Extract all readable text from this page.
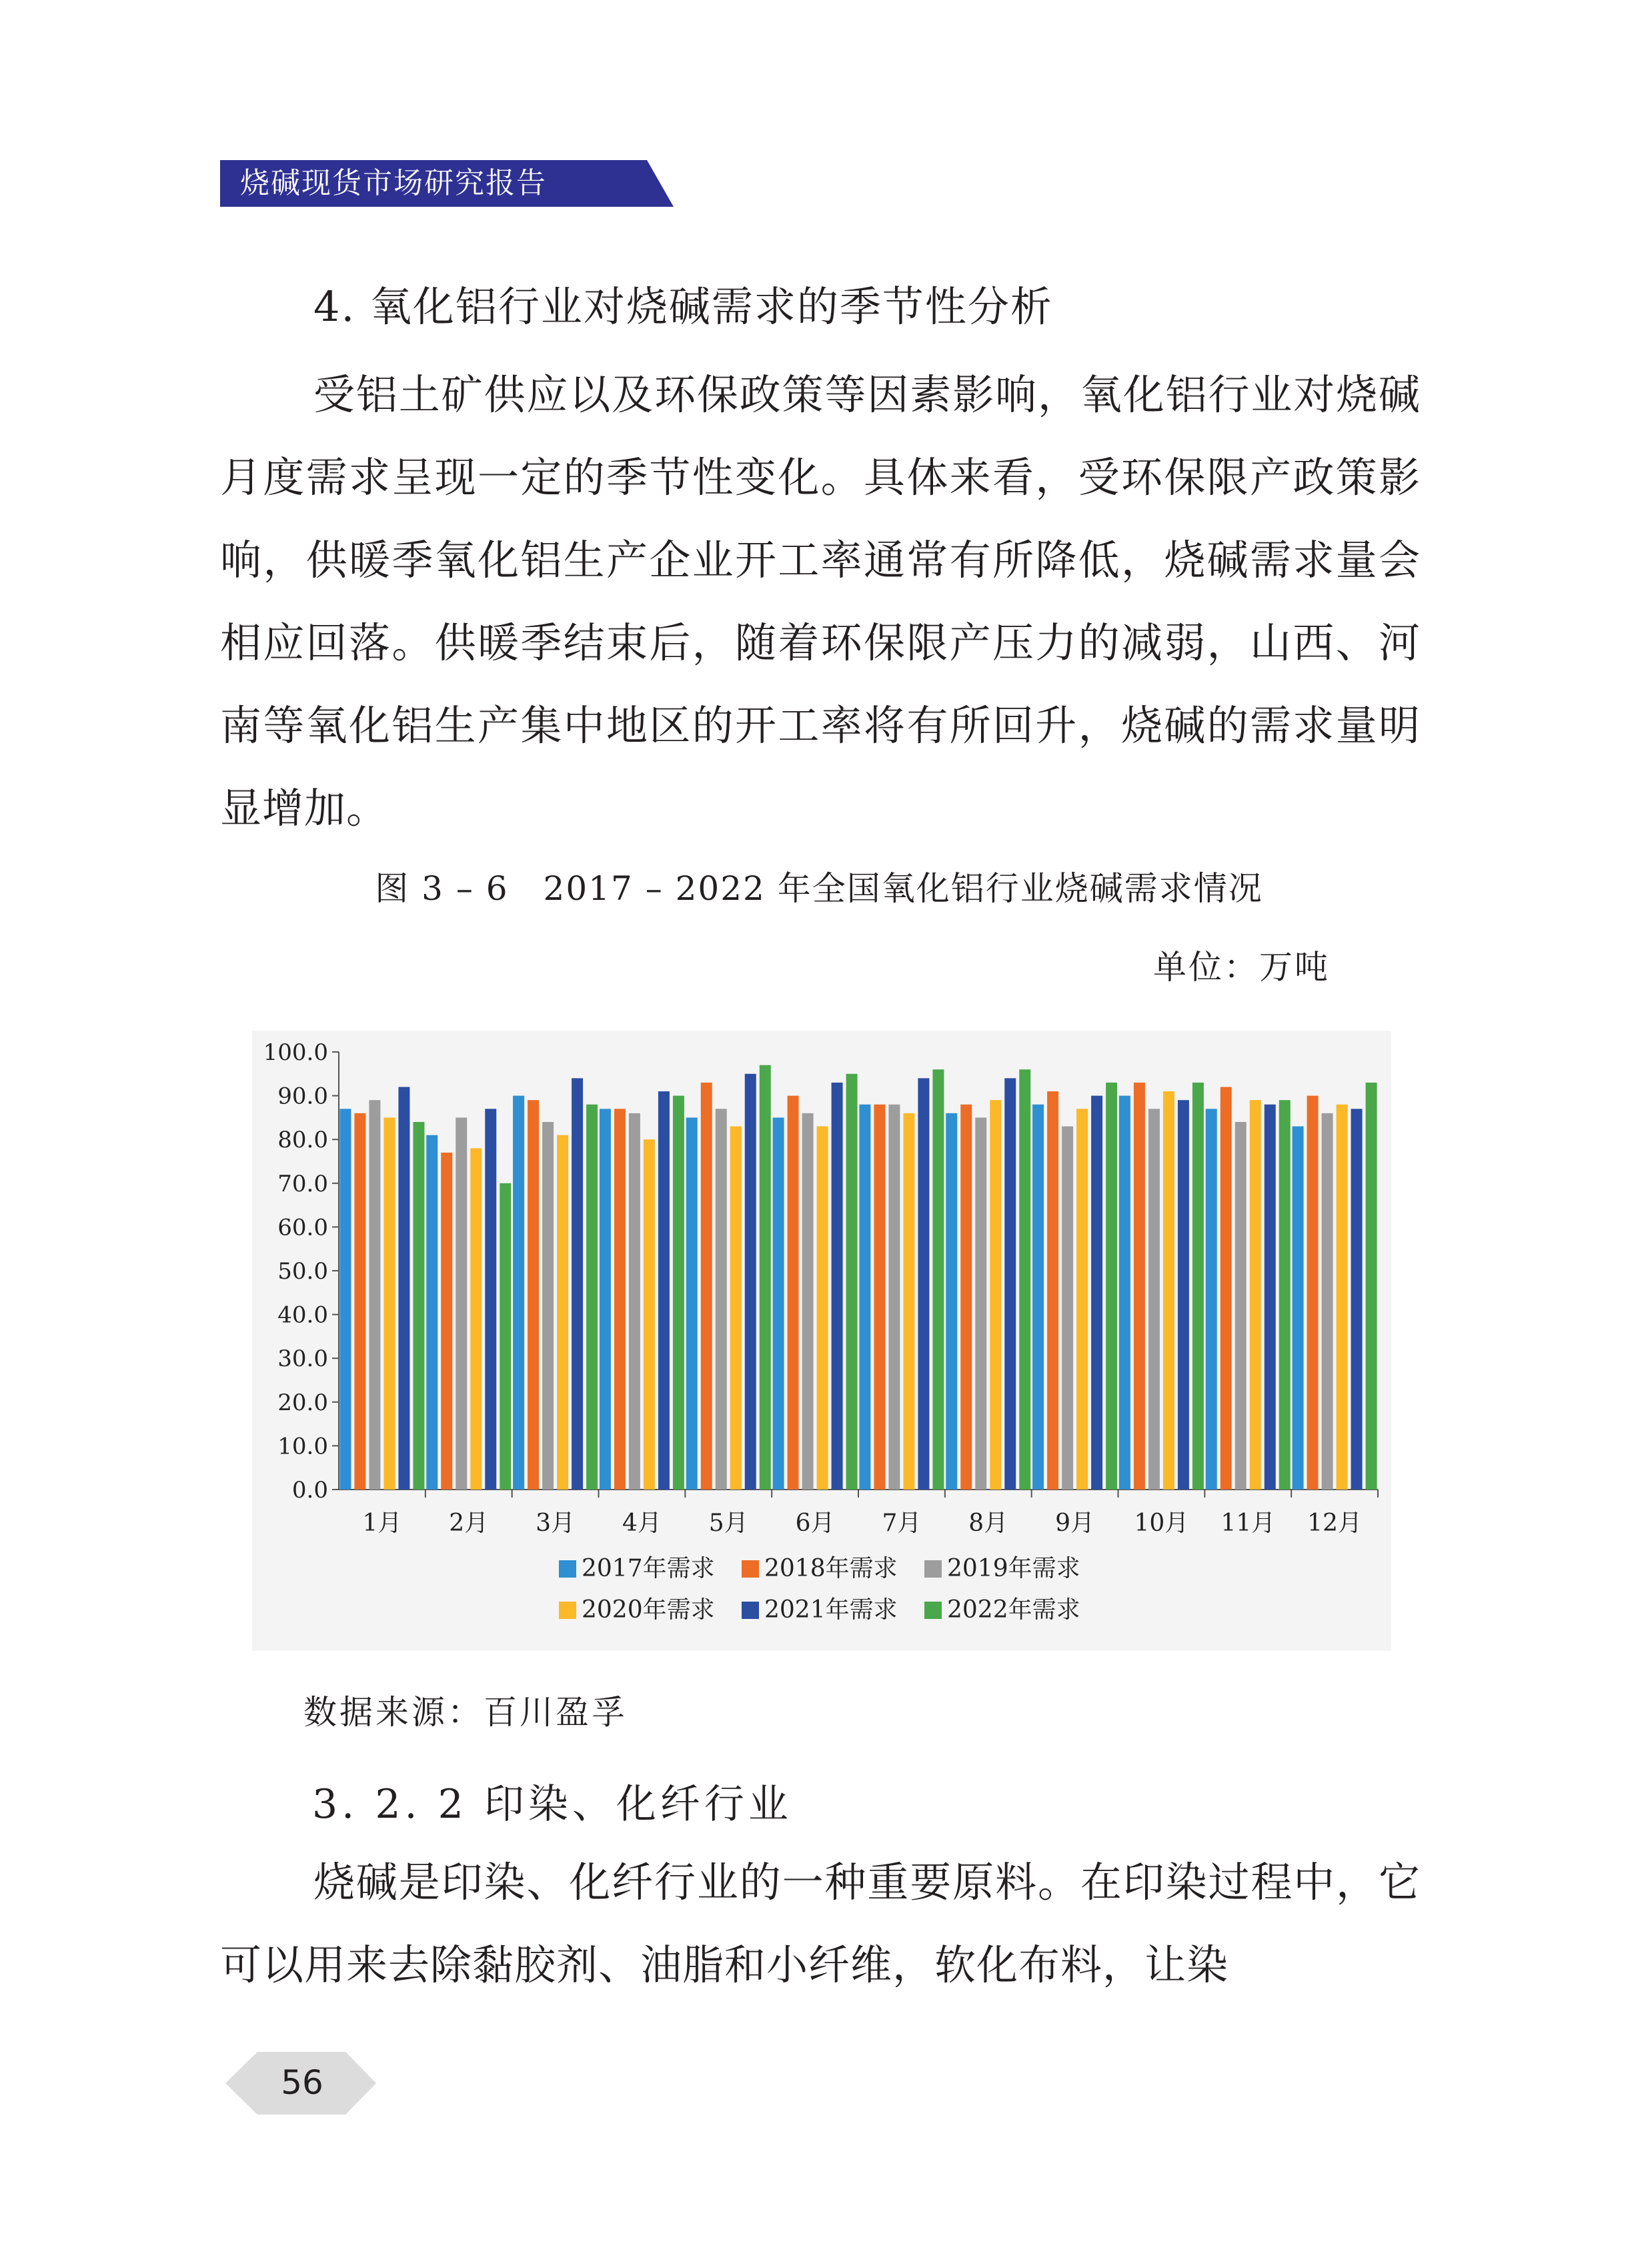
烧碱现货市场研究报告
4. 氧化铝行业对烧碱需求的季节性分析
受铝土矿供应以及环保政策等因素影响，氧化铝行业对烧碱月度需求呈现一定的季节性变化。具体来看，受环保限产政策影响，供暖季氧化铝生产企业开工率通常有所降低，烧碱需求量会相应回落。供暖季结束后，随着环保限产压力的减弱，山西、河南等氧化铝生产集中地区的开工率将有所回升，烧碱的需求量明显增加。
图 3 – 6　2017 – 2022 年全国氧化铝行业烧碱需求情况
单位：万吨
0.0
10.0
20.0
30.0
40.0
50.0
60.0
70.0
80.0
90.0
100.0
1月 2月 3月 4月 5月 6月 7月 8月 9月 10月 11月 12月
2017年需求 2018年需求 2019年需求
2020年需求 2021年需求 2022年需求
数据来源：百川盈孚
3. 2. 2 印染、化纤行业
烧碱是印染、化纤行业的一种重要原料。在印染过程中，它可以用来去除黏胶剂、油脂和小纤维，软化布料，让染
56
